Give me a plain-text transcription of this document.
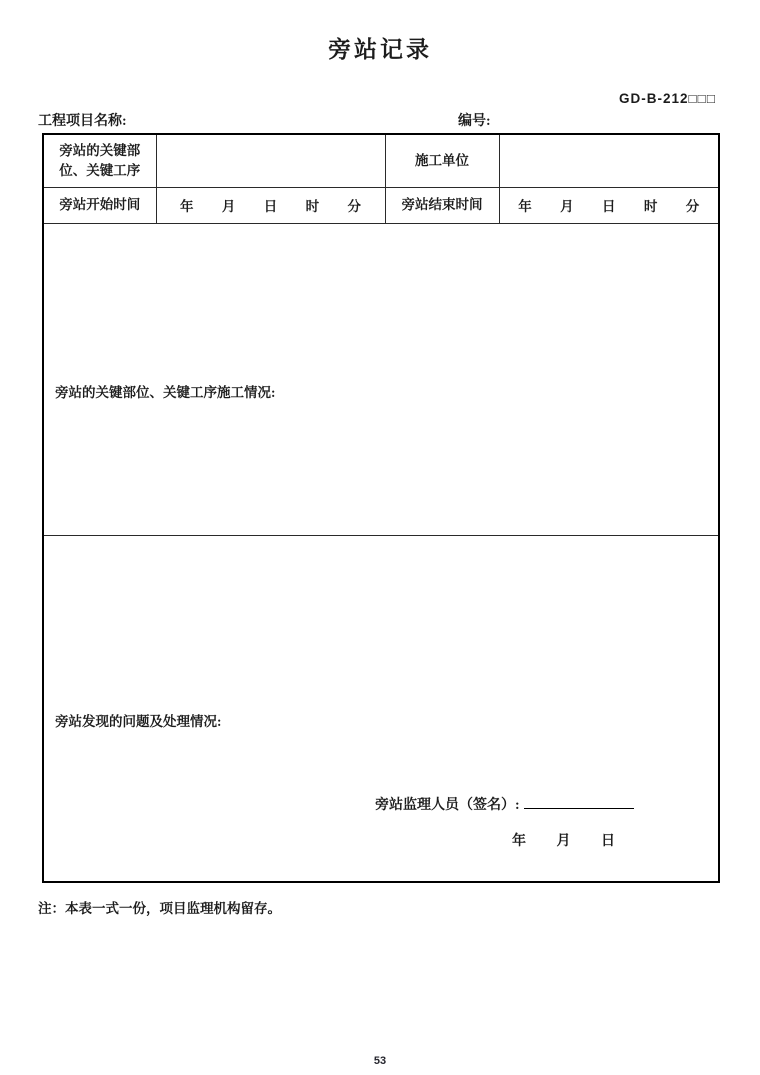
旁站记录
GD-B-212□□□
工程项目名称:	编号:
旁站的关键部位、关键工序		施工单位	
旁站开始时间	年 月 日 时 分	旁站结束时间	年 月 日 时 分

旁站的关键部位、关键工序施工情况:			

旁站发现的问题及处理情况:
旁站监理人员（签名）:
年 月 日			
注：本表一式一份，项目监理机构留存。
53
